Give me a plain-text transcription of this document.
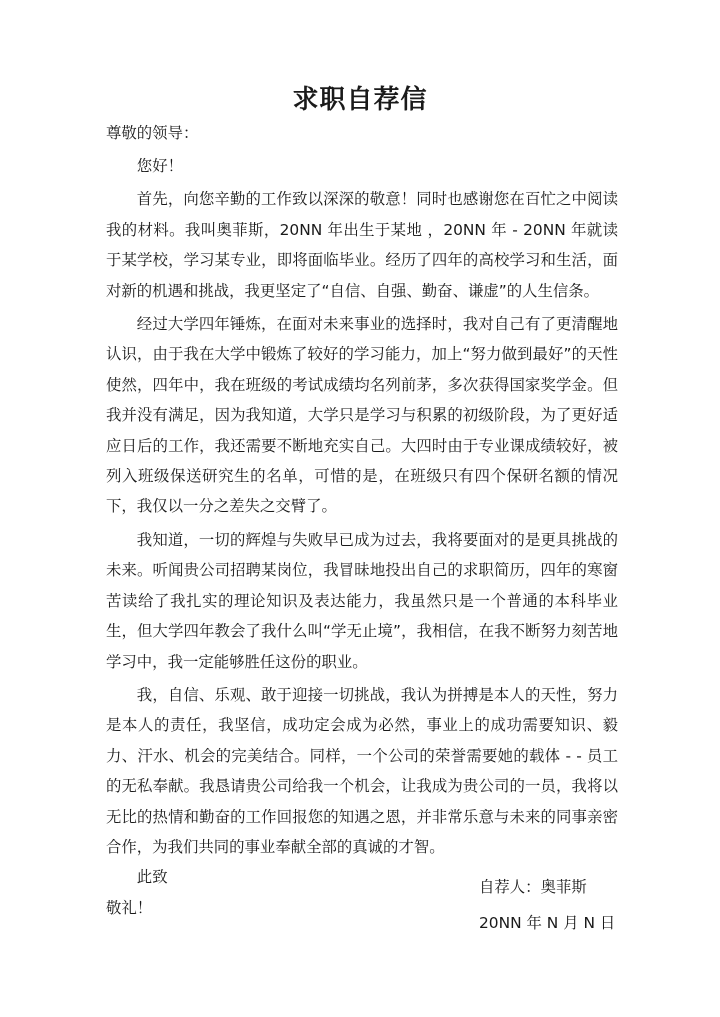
求职自荐信

尊敬的领导：

您好！

首先，向您辛勤的工作致以深深的敬意！同时也感谢您在百忙之中阅读我的材料。我叫奥菲斯，20NN 年出生于某地 ，20NN 年 - 20NN 年就读于某学校，学习某专业，即将面临毕业。经历了四年的高校学习和生活，面对新的机遇和挑战，我更坚定了“自信、自强、勤奋、谦虚”的人生信条。

经过大学四年锤炼，在面对未来事业的选择时，我对自己有了更清醒地认识，由于我在大学中锻炼了较好的学习能力，加上“努力做到最好”的天性使然，四年中，我在班级的考试成绩均名列前茅，多次获得国家奖学金。但我并没有满足，因为我知道，大学只是学习与积累的初级阶段，为了更好适应日后的工作，我还需要不断地充实自己。大四时由于专业课成绩较好，被列入班级保送研究生的名单，可惜的是，在班级只有四个保研名额的情况下，我仅以一分之差失之交臂了。

我知道，一切的辉煌与失败早已成为过去，我将要面对的是更具挑战的未来。听闻贵公司招聘某岗位，我冒昧地投出自己的求职简历，四年的寒窗苦读给了我扎实的理论知识及表达能力，我虽然只是一个普通的本科毕业生，但大学四年教会了我什么叫“学无止境”，我相信，在我不断努力刻苦地学习中，我一定能够胜任这份的职业。

我，自信、乐观、敢于迎接一切挑战，我认为拼搏是本人的天性，努力是本人的责任，我坚信，成功定会成为必然，事业上的成功需要知识、毅力、汗水、机会的完美结合。同样，一个公司的荣誉需要她的载体 - - 员工的无私奉献。我恳请贵公司给我一个机会，让我成为贵公司的一员，我将以无比的热情和勤奋的工作回报您的知遇之恩，并非常乐意与未来的同事亲密合作，为我们共同的事业奉献全部的真诚的才智。

此致

敬礼！

自荐人：奥菲斯

20NN 年 N 月 N 日
